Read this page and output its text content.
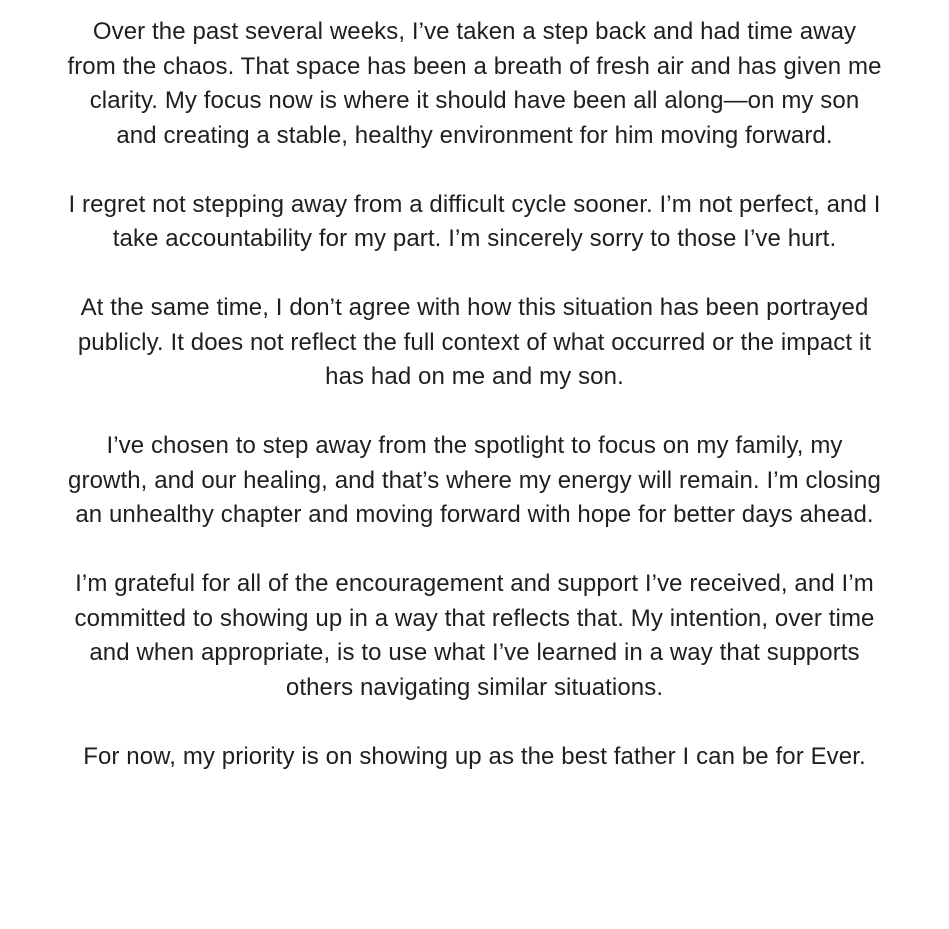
Over the past several weeks, I’ve taken a step back and had time away from the chaos. That space has been a breath of fresh air and has given me clarity. My focus now is where it should have been all along—on my son and creating a stable, healthy environment for him moving forward.

I regret not stepping away from a difficult cycle sooner. I’m not perfect, and I take accountability for my part. I’m sincerely sorry to those I’ve hurt.

At the same time, I don’t agree with how this situation has been portrayed publicly. It does not reflect the full context of what occurred or the impact it has had on me and my son.

I’ve chosen to step away from the spotlight to focus on my family, my growth, and our healing, and that’s where my energy will remain. I’m closing an unhealthy chapter and moving forward with hope for better days ahead.

I’m grateful for all of the encouragement and support I’ve received, and I’m committed to showing up in a way that reflects that. My intention, over time and when appropriate, is to use what I’ve learned in a way that supports others navigating similar situations.

For now, my priority is on showing up as the best father I can be for Ever.
